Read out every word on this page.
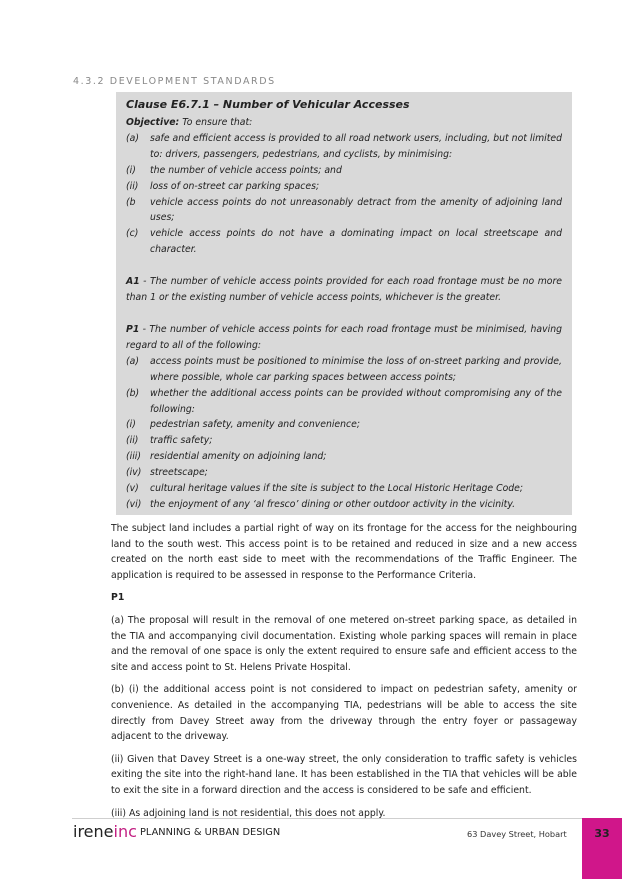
4.3.2 DEVELOPMENT STANDARDS
Clause E6.7.1 – Number of Vehicular Accesses
Objective: To ensure that:
(a)	safe and efficient access is provided to all road network users, including, but not limited to: drivers, passengers, pedestrians, and cyclists, by minimising:
(i)	the number of vehicle access points; and
(ii)	loss of on-street car parking spaces;
(b	vehicle access points do not unreasonably detract from the amenity of adjoining land uses;
(c)	vehicle access points do not have a dominating impact on local streetscape and character.
A1 - The number of vehicle access points provided for each road frontage must be no more than 1 or the existing number of vehicle access points, whichever is the greater.
P1 - The number of vehicle access points for each road frontage must be minimised, having regard to all of the following:
(a)	access points must be positioned to minimise the loss of on-street parking and provide, where possible, whole car parking spaces between access points;
(b)	whether the additional access points can be provided without compromising any of the following:
(i)	pedestrian safety, amenity and convenience;
(ii)	traffic safety;
(iii) residential amenity on adjoining land;
(iv) streetscape;
(v)	cultural heritage values if the site is subject to the Local Historic Heritage Code;
(vi) the enjoyment of any ‘al fresco’ dining or other outdoor activity in the vicinity.

The subject land includes a partial right of way on its frontage for the access for the neighbouring land to the south west. This access point is to be retained and reduced in size and a new access created on the north east side to meet with the recommendations of the Traffic Engineer. The application is required to be assessed in response to the Performance Criteria.

P1

(a) The proposal will result in the removal of one metered on-street parking space, as detailed in the TIA and accompanying civil documentation. Existing whole parking spaces will remain in place and the removal of one space is only the extent required to ensure safe and efficient access to the site and access point to St. Helens Private Hospital.

(b) (i) the additional access point is not considered to impact on pedestrian safety, amenity or convenience. As detailed in the accompanying TIA, pedestrians will be able to access the site directly from Davey Street away from the driveway through the entry foyer or passageway adjacent to the driveway.

(ii) Given that Davey Street is a one-way street, the only consideration to traffic safety is vehicles exiting the site into the right-hand lane. It has been established in the TIA that vehicles will be able to exit the site in a forward direction and the access is considered to be safe and efficient.

(iii) As adjoining land is not residential, this does not apply.

ireneinc PLANNING & URBAN DESIGN	63 Davey Street, Hobart	33
